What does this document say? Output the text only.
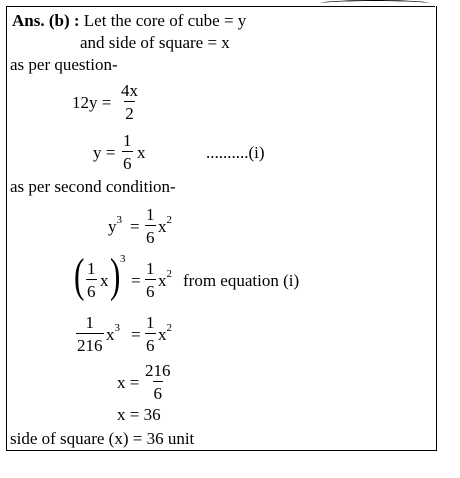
Ans. (b) : Let the core of cube = y
and side of square = x
as per question-
$12y = \frac{4x}{2}$
$y = \frac{1}{6}$ x	..........(i)
as per second condition-
$y^3 = \frac{1}{6} x^2$
( $\frac{1}{6}$ x ) 3
= $\frac{1}{6} x^2$ from equation (i)
$\frac{1}{216} x^3 = \frac{1}{6} x^2$
$x = \frac{216}{6}$
x = 36
side of square (x) = 36 unit
